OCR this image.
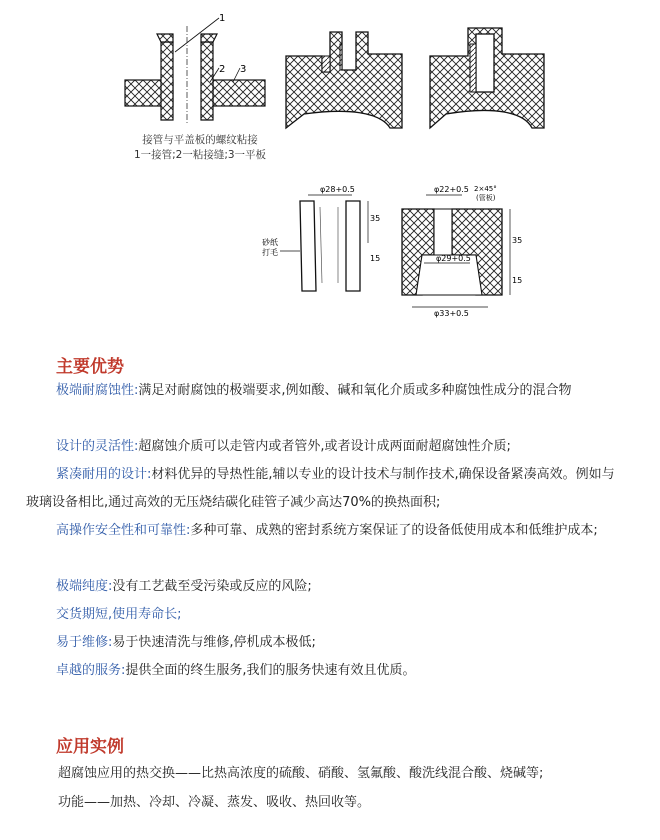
1
2 3
接管与平盖板的螺纹粘接
1一接管;2一粘接缝;3一平板
φ28+0.5
35
15
砂纸
打毛
φ22+0.5 2×45°
(管板)
φ29+0.5
φ33+0.5
35
15
主要优势
极端耐腐蚀性:满足对耐腐蚀的极端要求,例如酸、碱和氧化介质或多种腐蚀性成分的混合物
设计的灵活性:超腐蚀介质可以走管内或者管外,或者设计成两面耐超腐蚀性介质;
紧凑耐用的设计:材料优异的导热性能,辅以专业的设计技术与制作技术,确保设备紧凑高效。例如与玻璃设备相比,通过高效的无压烧结碳化硅管子减少高达70%的换热面积;
高操作安全性和可靠性:多种可靠、成熟的密封系统方案保证了的设备低使用成本和低维护成本;
极端纯度:没有工艺截至受污染或反应的风险;
交货期短,使用寿命长;
易于维修:易于快速清洗与维修,停机成本极低;
卓越的服务:提供全面的终生服务,我们的服务快速有效且优质。
应用实例
超腐蚀应用的热交换——比热高浓度的硫酸、硝酸、氢氟酸、酸洗线混合酸、烧碱等;
功能——加热、冷却、冷凝、蒸发、吸收、热回收等。
